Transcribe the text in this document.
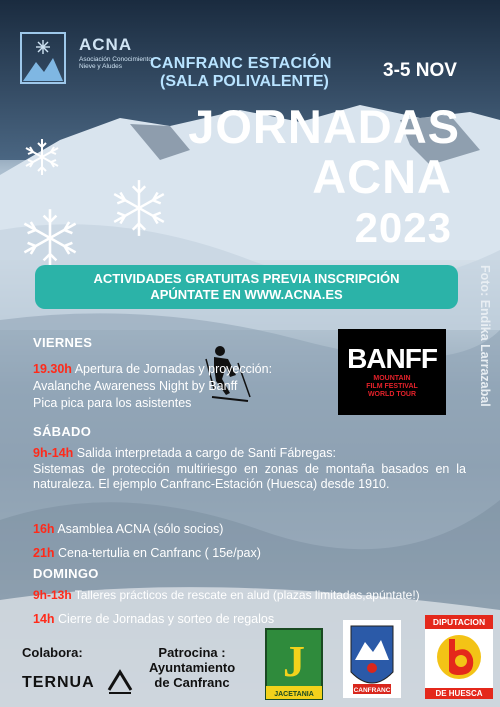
ACNA
Asociación Conocimiento Nieve y Aludes	CANFRANC ESTACIÓN
(SALA POLIVALENTE)
3-5 NOV
JORNADAS
ACNA
2023
ACTIVIDADES GRATUITAS PREVIA INSCRIPCIÓN
APÚNTATE EN WWW.ACNA.ES	Foto: Endika Larrazabal
VIERNES
19.30h Apertura de Jornadas y proyección:
Avalanche Awareness Night by Banff
Pica pica para los asistentes
BANFF
MOUNTAIN
FILM FESTIVAL
WORLD TOUR
SÁBADO
9h-14h Salida interpretada a cargo de Santi Fábregas:
Sistemas de protección multiriesgo en zonas de montaña basados en la naturaleza. El ejemplo Canfranc-Estación (Huesca) desde 1910.
16h Asamblea ACNA (sólo socios)
21h Cena-tertulia en Canfranc ( 15e/pax)
DOMINGO
9h-13h Talleres prácticos de rescate en alud (plazas limitadas,apúntate!)
14h Cierre de Jornadas y sorteo de regalos
Colabora:	Patrocina :
Ayuntamiento
de Canfranc
TERNUA	J
JACETANIA
CANFRANC
DIPUTACION
DE HUESCA
